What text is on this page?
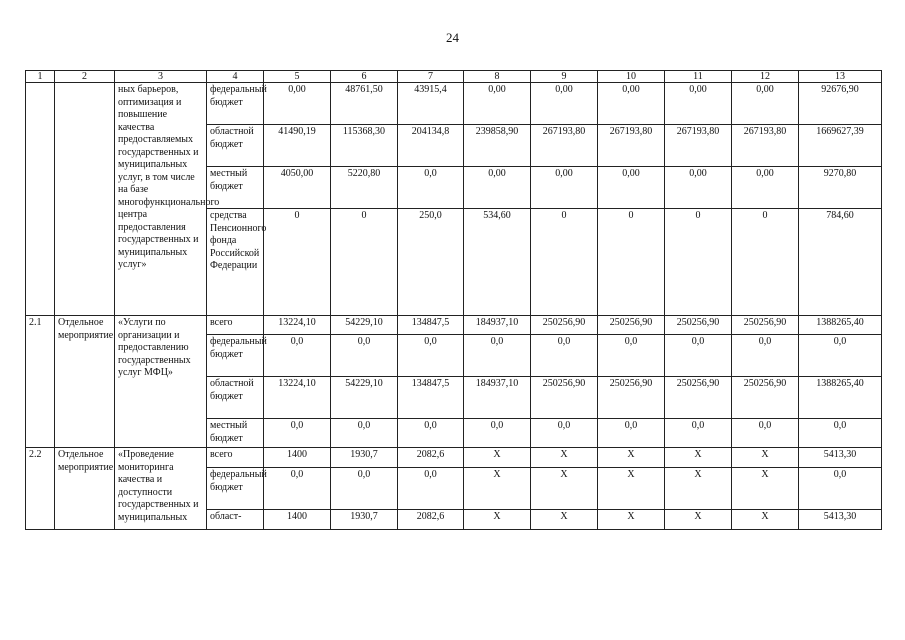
24
1	2	3	4	5	6	7	8	9	10	11	12	13
		ных барьеров, оптимизация и повышение качества предоставляемых государственных и муниципальных услуг, в том числе на базе многофункционального центра предоставления государственных и муниципальных услуг»	федеральный бюджет	0,00	48761,50	43915,4	0,00	0,00	0,00	0,00	0,00	92676,90
			областной бюджет	41490,19	115368,30	204134,8	239858,90	267193,80	267193,80	267193,80	267193,80	1669627,39
			местный бюджет	4050,00	5220,80	0,0	0,00	0,00	0,00	0,00	0,00	9270,80
			средства Пенсионного фонда Российской Федерации	0	0	250,0	534,60	0	0	0	0	784,60
2.1	Отдельное мероприятие	«Услуги по организации и предоставлению государственных услуг МФЦ»	всего	13224,10	54229,10	134847,5	184937,10	250256,90	250256,90	250256,90	250256,90	1388265,40
			федеральный бюджет	0,0	0,0	0,0	0,0	0,0	0,0	0,0	0,0	0,0
			областной бюджет	13224,10	54229,10	134847,5	184937,10	250256,90	250256,90	250256,90	250256,90	1388265,40
			местный бюджет	0,0	0,0	0,0	0,0	0,0	0,0	0,0	0,0	0,0
2.2	Отдельное мероприятие	«Проведение мониторинга качества и доступности государственных и муниципальных	всего	1400	1930,7	2082,6	Х	Х	Х	Х	Х	5413,30
			федеральный бюджет	0,0	0,0	0,0	Х	Х	Х	Х	Х	0,0
			област-	1400	1930,7	2082,6	Х	Х	Х	Х	Х	5413,30
